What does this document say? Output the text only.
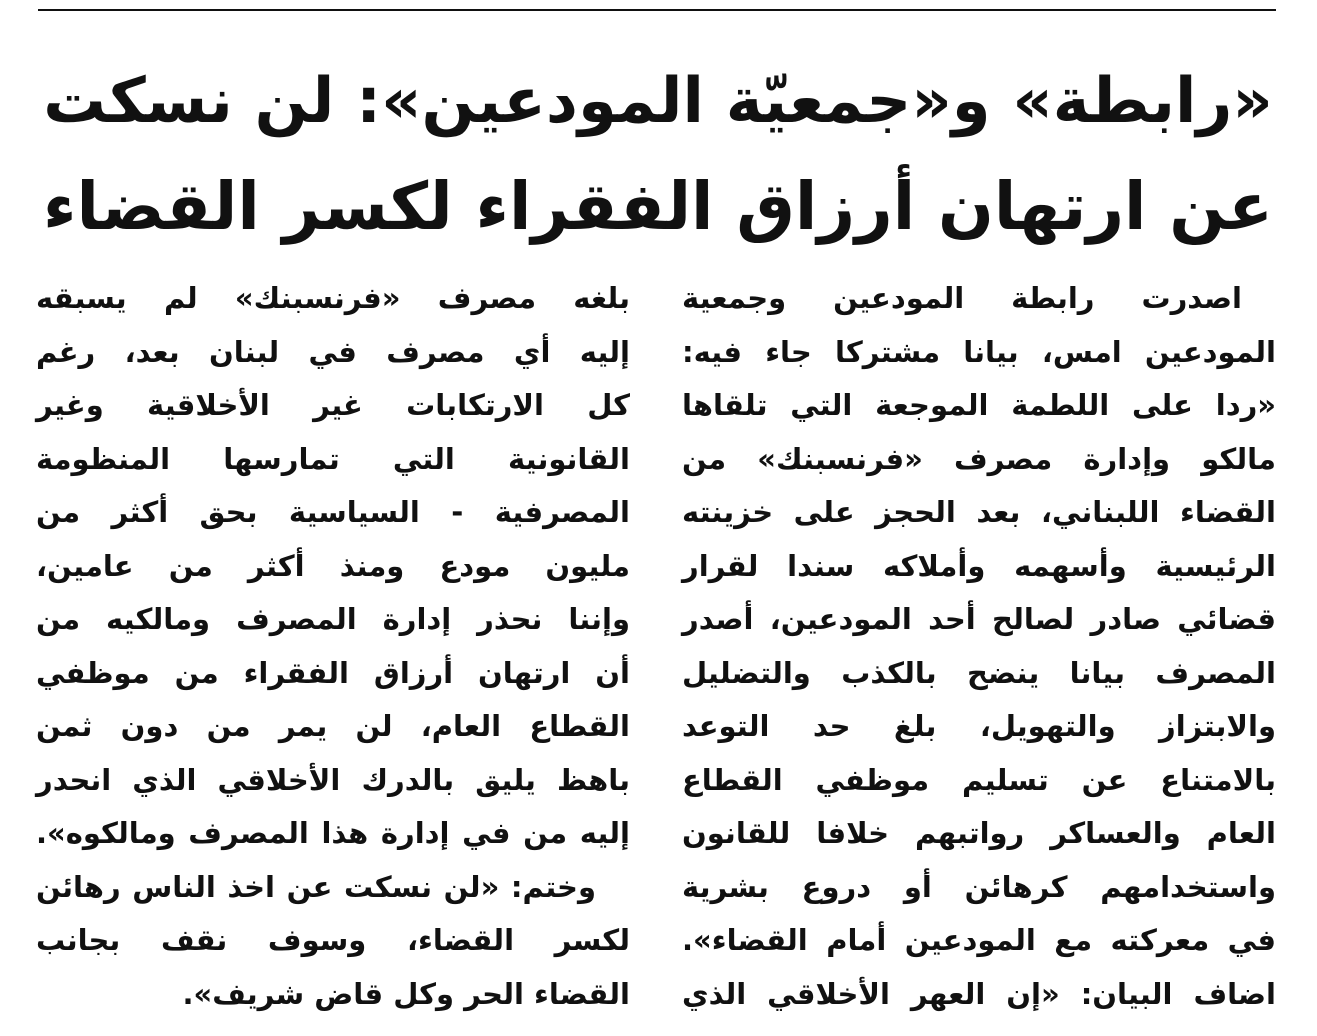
«رابطة» و«جمعيّة المودعين»: لن نسكت
عن ارتهان أرزاق الفقراء لكسر القضاء
اصدرت رابطة المودعين وجمعية
المودعين امس، بيانا مشتركا جاء فيه:
«ردا على اللطمة الموجعة التي تلقاها
مالكو وإدارة مصرف «فرنسبنك» من
القضاء اللبناني، بعد الحجز على خزينته
الرئيسية وأسهمه وأملاكه سندا لقرار
قضائي صادر لصالح أحد المودعين، أصدر
المصرف بيانا ينضح بالكذب والتضليل
والابتزاز والتهويل، بلغ حد التوعد
بالامتناع عن تسليم موظفي القطاع
العام والعساكر رواتبهم خلافا للقانون
واستخدامهم كرهائن أو دروع بشرية
في معركته مع المودعين أمام القضاء».
اضاف البيان: «إن العهر الأخلاقي الذي
بلغه مصرف «فرنسبنك» لم يسبقه
إليه أي مصرف في لبنان بعد، رغم
كل الارتكابات غير الأخلاقية وغير
القانونية التي تمارسها المنظومة
المصرفية - السياسية بحق أكثر من
مليون مودع ومنذ أكثر من عامين،
وإننا نحذر إدارة المصرف ومالكيه من
أن ارتهان أرزاق الفقراء من موظفي
القطاع العام، لن يمر من دون ثمن
باهظ يليق بالدرك الأخلاقي الذي انحدر
إليه من في إدارة هذا المصرف ومالكوه».
وختم: «لن نسكت عن اخذ الناس رهائن
لكسر القضاء، وسوف نقف بجانب
القضاء الحر وكل قاض شريف».
